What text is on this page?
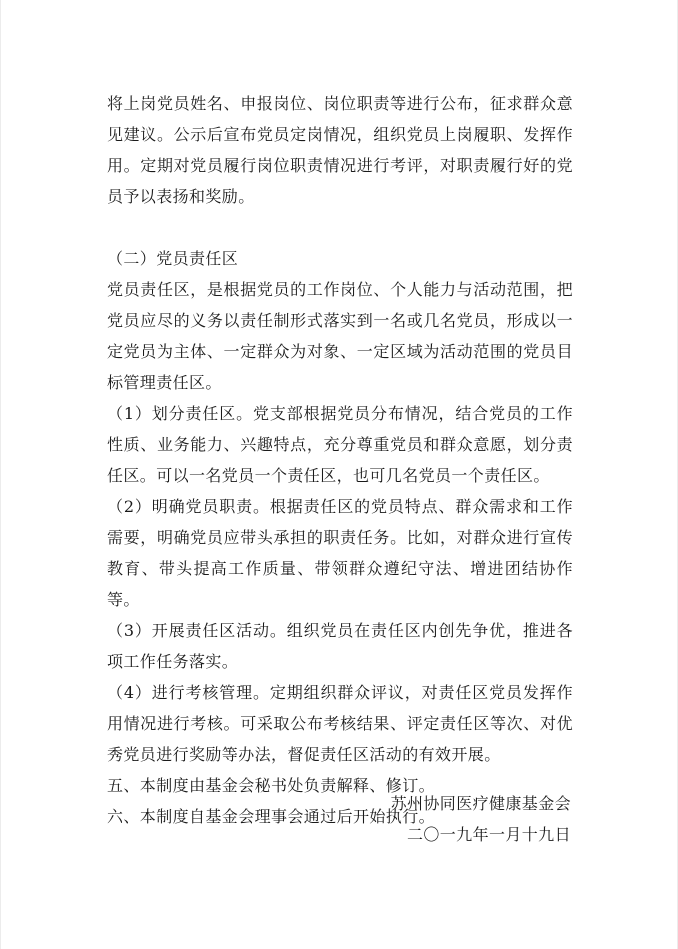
将上岗党员姓名、申报岗位、岗位职责等进行公布，征求群众意见建议。公示后宣布党员定岗情况，组织党员上岗履职、发挥作用。定期对党员履行岗位职责情况进行考评，对职责履行好的党员予以表扬和奖励。

（二）党员责任区

党员责任区，是根据党员的工作岗位、个人能力与活动范围，把党员应尽的义务以责任制形式落实到一名或几名党员，形成以一定党员为主体、一定群众为对象、一定区域为活动范围的党员目标管理责任区。

（1）划分责任区。党支部根据党员分布情况，结合党员的工作性质、业务能力、兴趣特点，充分尊重党员和群众意愿，划分责任区。可以一名党员一个责任区，也可几名党员一个责任区。

（2）明确党员职责。根据责任区的党员特点、群众需求和工作需要，明确党员应带头承担的职责任务。比如，对群众进行宣传教育、带头提高工作质量、带领群众遵纪守法、增进团结协作等。

（3）开展责任区活动。组织党员在责任区内创先争优，推进各项工作任务落实。

（4）进行考核管理。定期组织群众评议，对责任区党员发挥作用情况进行考核。可采取公布考核结果、评定责任区等次、对优秀党员进行奖励等办法，督促责任区活动的有效开展。

五、本制度由基金会秘书处负责解释、修订。

六、本制度自基金会理事会通过后开始执行。

苏州协同医疗健康基金会
二〇一九年一月十九日
